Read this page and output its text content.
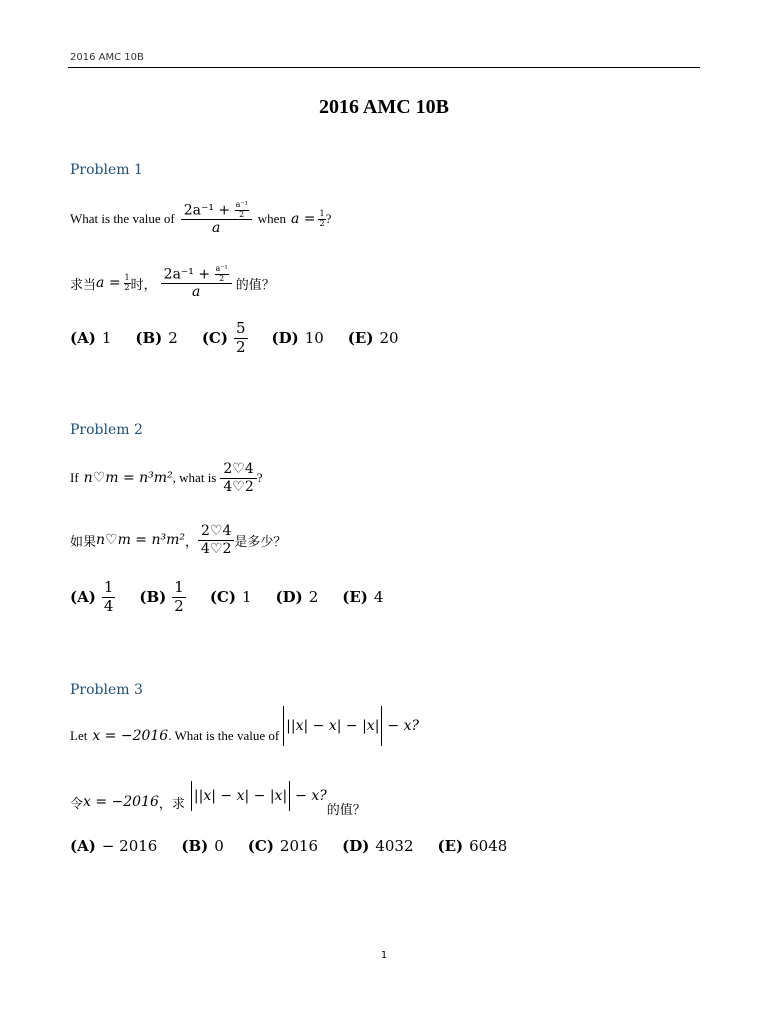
2016 AMC 10B
2016 AMC 10B
Problem 1
What is the value of $\frac{2a^{-1} + \frac{\text{a⁻¹}}{2}}{a}$ when $a = \frac{1}{2}$ ?
求当 $a = \frac{1}{2}$ 时， $\frac{2a^{-1} + \frac{\text{a⁻¹}}{2}}{a}$ 的值？
(A) 1 (B) 2 $(C) \frac{5}{2} (D)$ 10 (E) 20
Problem 2
If n♡m = n³m² , what is $\frac{2♡4}{4♡2}$ ?
如果 n♡m = n³m² ， $\frac{2♡4}{4♡2}$ 是多少？
$(A) \frac{1}{4} (B) \frac{1}{2} (C)$ 1 (D) 2 (E) 4
Problem 3
Let x = −2016 . What is the value of
||x| − x| − |x| − x?
令 x = −2016 ，求 ||x| − x| − |x| − x?
的值？
(A) − 2016 (B) 0 (C) 2016 (D) 4032 (E) 6048
1
